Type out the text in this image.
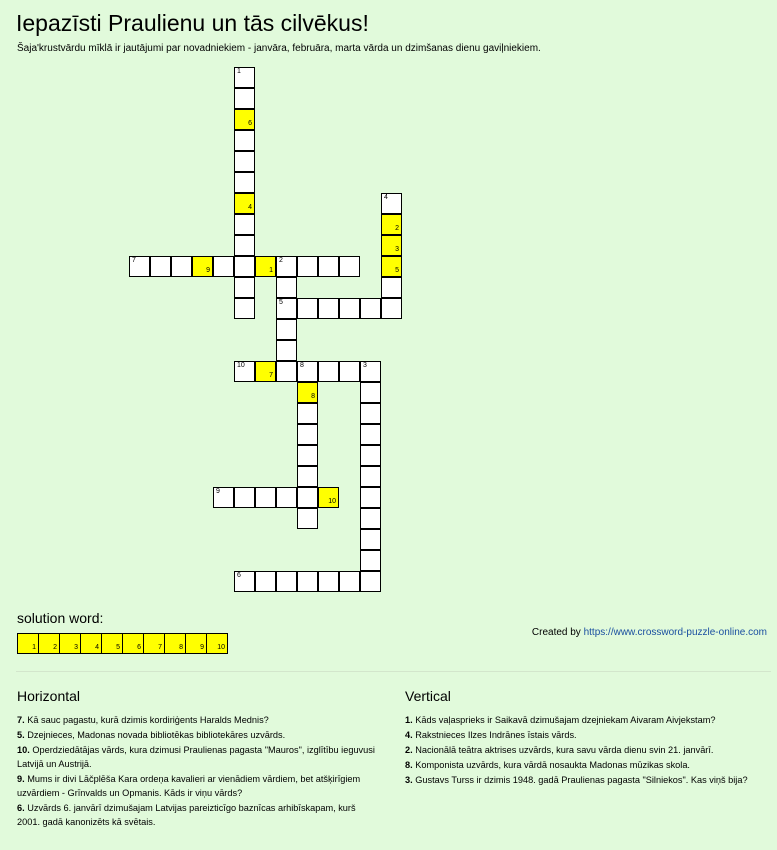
Iepazīsti Praulienu un tās cilvēkus!
Šaja'krustvārdu mīklā ir jautājumi par novadniekiem - janvāra, februāra, marta vārda un dzimšanas dienu gaviļniekiem.
1
6
4
4
2
3
5
7
9	1
2
5
10
7
8
8
3
9
10
6
solution word:
1 2 3 4 5 6 7 8 9 10
Created by https://www.crossword-puzzle-online.com
Horizontal
7. Kā sauc pagastu, kurā dzimis kordiriģents Haralds Mednis?
5. Dzejnieces, Madonas novada bibliotēkas bibliotekāres uzvārds.
10. Operdziedātājas vārds, kura dzimusi Praulienas pagasta "Mauros", izglītību ieguvusi Latvijā un Austrijā.
9. Mums ir divi Lāčplēša Kara ordeņa kavalieri ar vienādiem vārdiem, bet atšķirīgiem uzvārdiem - Grīnvalds un Opmanis. Kāds ir viņu vārds?
6. Uzvārds 6. janvārī dzimušajam Latvijas pareizticīgo baznīcas arhibīskapam, kurš 2001. gadā kanonizēts kā svētais.
Vertical
1. Kāds vaļasprieks ir Saikavā dzimušajam dzejniekam Aivaram Aivjekstam?
4. Rakstnieces Ilzes Indrānes īstais vārds.
2. Nacionālā teātra aktrises uzvārds, kura savu vārda dienu svin 21. janvārī.
8. Komponista uzvārds, kura vārdā nosaukta Madonas mūzikas skola.
3. Gustavs Turss ir dzimis 1948. gadā Praulienas pagasta "Silniekos". Kas viņš bija?
